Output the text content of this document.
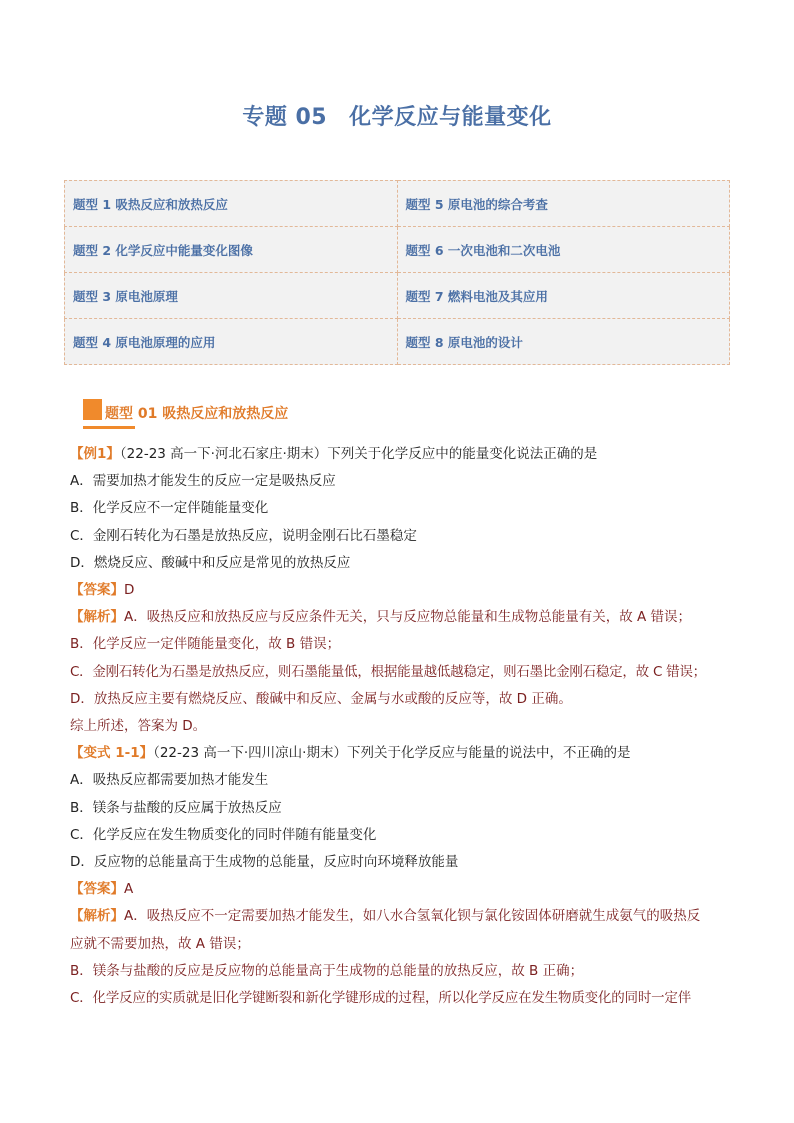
专题 05 化学反应与能量变化
题型 1 吸热反应和放热反应	题型 5 原电池的综合考查
题型 2 化学反应中能量变化图像	题型 6 一次电池和二次电池
题型 3 原电池原理	题型 7 燃料电池及其应用
题型 4 原电池原理的应用	题型 8 原电池的设计
题型 01 吸热反应和放热反应

【例1】（22-23 高一下·河北石家庄·期末）下列关于化学反应中的能量变化说法正确的是

A．需要加热才能发生的反应一定是吸热反应

B．化学反应不一定伴随能量变化

C．金刚石转化为石墨是放热反应，说明金刚石比石墨稳定

D．燃烧反应、酸碱中和反应是常见的放热反应

【答案】D

【解析】A．吸热反应和放热反应与反应条件无关，只与反应物总能量和生成物总能量有关，故 A 错误；

B．化学反应一定伴随能量变化，故 B 错误；

C．金刚石转化为石墨是放热反应，则石墨能量低，根据能量越低越稳定，则石墨比金刚石稳定，故 C 错误；

D．放热反应主要有燃烧反应、酸碱中和反应、金属与水或酸的反应等，故 D 正确。

综上所述，答案为 D。

【变式 1-1】（22-23 高一下·四川凉山·期末）下列关于化学反应与能量的说法中，不正确的是

A．吸热反应都需要加热才能发生

B．镁条与盐酸的反应属于放热反应

C．化学反应在发生物质变化的同时伴随有能量变化

D．反应物的总能量高于生成物的总能量，反应时向环境释放能量

【答案】A

【解析】A．吸热反应不一定需要加热才能发生，如八水合氢氧化钡与氯化铵固体研磨就生成氨气的吸热反

应就不需要加热，故 A 错误；

B．镁条与盐酸的反应是反应物的总能量高于生成物的总能量的放热反应，故 B 正确；

C．化学反应的实质就是旧化学键断裂和新化学键形成的过程，所以化学反应在发生物质变化的同时一定伴
